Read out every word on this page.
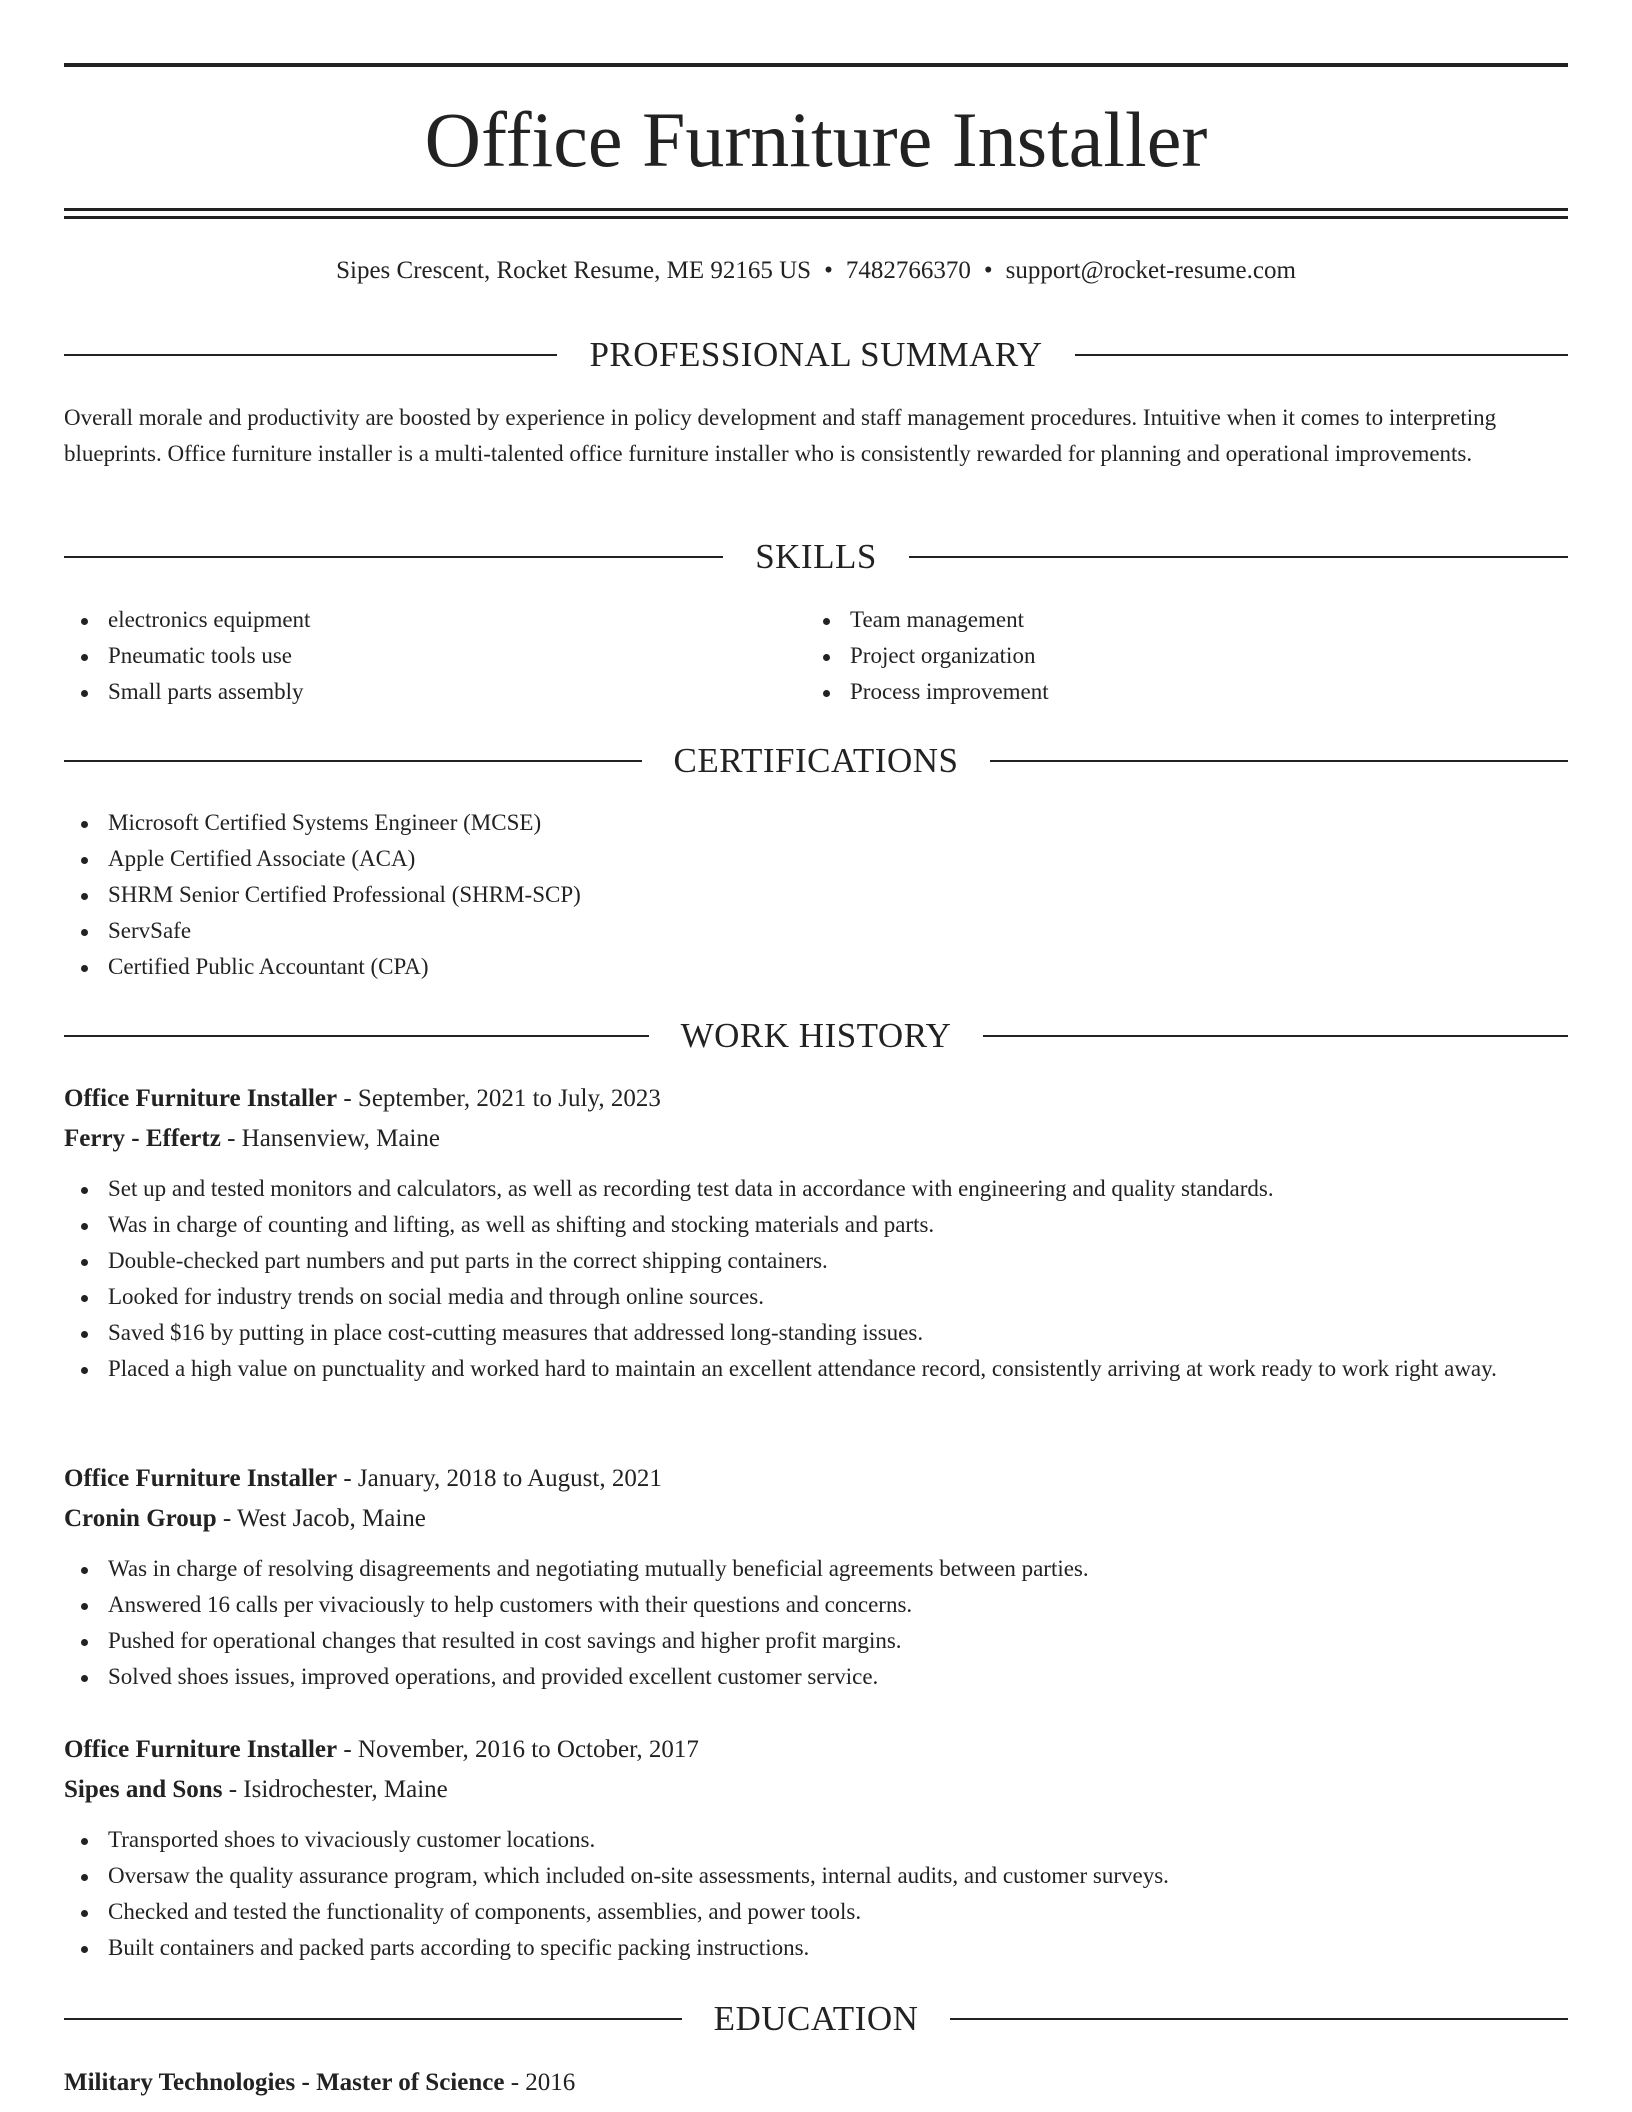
Office Furniture Installer
Sipes Crescent, Rocket Resume, ME 92165 US • 7482766370 • support@rocket-resume.com
PROFESSIONAL SUMMARY

Overall morale and productivity are boosted by experience in policy development and staff management procedures. Intuitive when it comes to interpreting blueprints. Office furniture installer is a multi-talented office furniture installer who is consistently rewarded for planning and operational improvements.

SKILLS
electronics equipment
Pneumatic tools use
Small parts assembly
Team management
Project organization
Process improvement
CERTIFICATIONS
Microsoft Certified Systems Engineer (MCSE)
Apple Certified Associate (ACA)
SHRM Senior Certified Professional (SHRM-SCP)
ServSafe
Certified Public Accountant (CPA)
WORK HISTORY
Office Furniture Installer - September, 2021 to July, 2023
Ferry - Effertz - Hansenview, Maine
Set up and tested monitors and calculators, as well as recording test data in accordance with engineering and quality standards.
Was in charge of counting and lifting, as well as shifting and stocking materials and parts.
Double-checked part numbers and put parts in the correct shipping containers.
Looked for industry trends on social media and through online sources.
Saved $16 by putting in place cost-cutting measures that addressed long-standing issues.
Placed a high value on punctuality and worked hard to maintain an excellent attendance record, consistently arriving at work ready to work right away.
Office Furniture Installer - January, 2018 to August, 2021
Cronin Group - West Jacob, Maine
Was in charge of resolving disagreements and negotiating mutually beneficial agreements between parties.
Answered 16 calls per vivaciously to help customers with their questions and concerns.
Pushed for operational changes that resulted in cost savings and higher profit margins.
Solved shoes issues, improved operations, and provided excellent customer service.
Office Furniture Installer - November, 2016 to October, 2017
Sipes and Sons - Isidrochester, Maine
Transported shoes to vivaciously customer locations.
Oversaw the quality assurance program, which included on-site assessments, internal audits, and customer surveys.
Checked and tested the functionality of components, assemblies, and power tools.
Built containers and packed parts according to specific packing instructions.
EDUCATION
Military Technologies - Master of Science - 2016
